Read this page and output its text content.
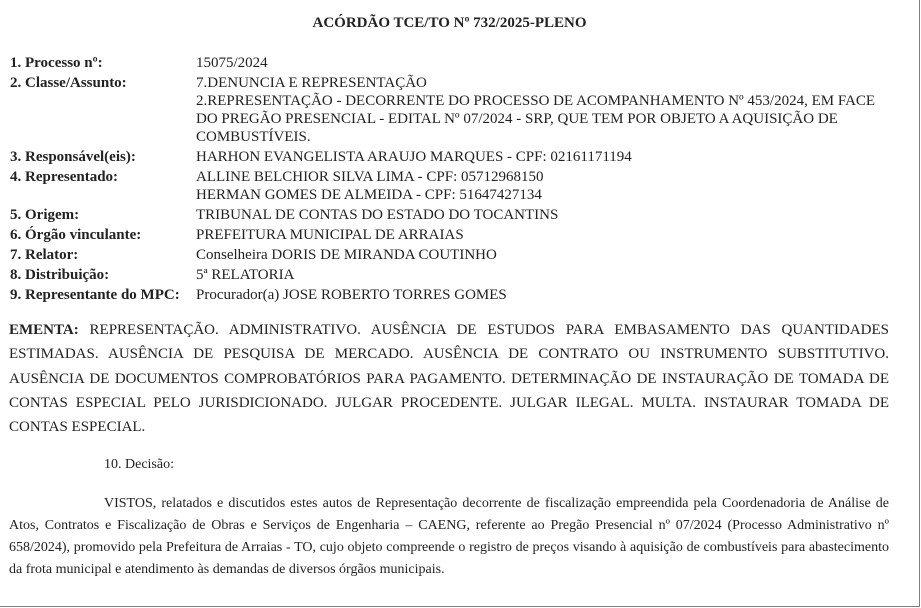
ACÓRDÃO TCE/TO Nº 732/2025-PLENO
1. Processo nº:	15075/2024
2. Classe/Assunto:	7.DENUNCIA E REPRESENTAÇÃO
2.REPRESENTAÇÃO - DECORRENTE DO PROCESSO DE ACOMPANHAMENTO Nº 453/2024, EM FACE DO PREGÃO PRESENCIAL - EDITAL Nº 07/2024 - SRP, QUE TEM POR OBJETO A AQUISIÇÃO DE COMBUSTÍVEIS.
3. Responsável(eis):	HARHON EVANGELISTA ARAUJO MARQUES - CPF: 02161171194
4. Representado:	ALLINE BELCHIOR SILVA LIMA - CPF: 05712968150
HERMAN GOMES DE ALMEIDA - CPF: 51647427134
5. Origem:	TRIBUNAL DE CONTAS DO ESTADO DO TOCANTINS
6. Órgão vinculante:	PREFEITURA MUNICIPAL DE ARRAIAS
7. Relator:	Conselheira DORIS DE MIRANDA COUTINHO
8. Distribuição:	5ª RELATORIA
9. Representante do MPC:	Procurador(a) JOSE ROBERTO TORRES GOMES
EMENTA: REPRESENTAÇÃO. ADMINISTRATIVO. AUSÊNCIA DE ESTUDOS PARA EMBASAMENTO DAS QUANTIDADES ESTIMADAS. AUSÊNCIA DE PESQUISA DE MERCADO. AUSÊNCIA DE CONTRATO OU INSTRUMENTO SUBSTITUTIVO. AUSÊNCIA DE DOCUMENTOS COMPROBATÓRIOS PARA PAGAMENTO. DETERMINAÇÃO DE INSTAURAÇÃO DE TOMADA DE CONTAS ESPECIAL PELO JURISDICIONADO. JULGAR PROCEDENTE. JULGAR ILEGAL. MULTA. INSTAURAR TOMADA DE CONTAS ESPECIAL.
10. Decisão:
VISTOS, relatados e discutidos estes autos de Representação decorrente de fiscalização empreendida pela Coordenadoria de Análise de Atos, Contratos e Fiscalização de Obras e Serviços de Engenharia – CAENG, referente ao Pregão Presencial nº 07/2024 (Processo Administrativo nº 658/2024), promovido pela Prefeitura de Arraias - TO, cujo objeto compreende o registro de preços visando à aquisição de combustíveis para abastecimento da frota municipal e atendimento às demandas de diversos órgãos municipais.
